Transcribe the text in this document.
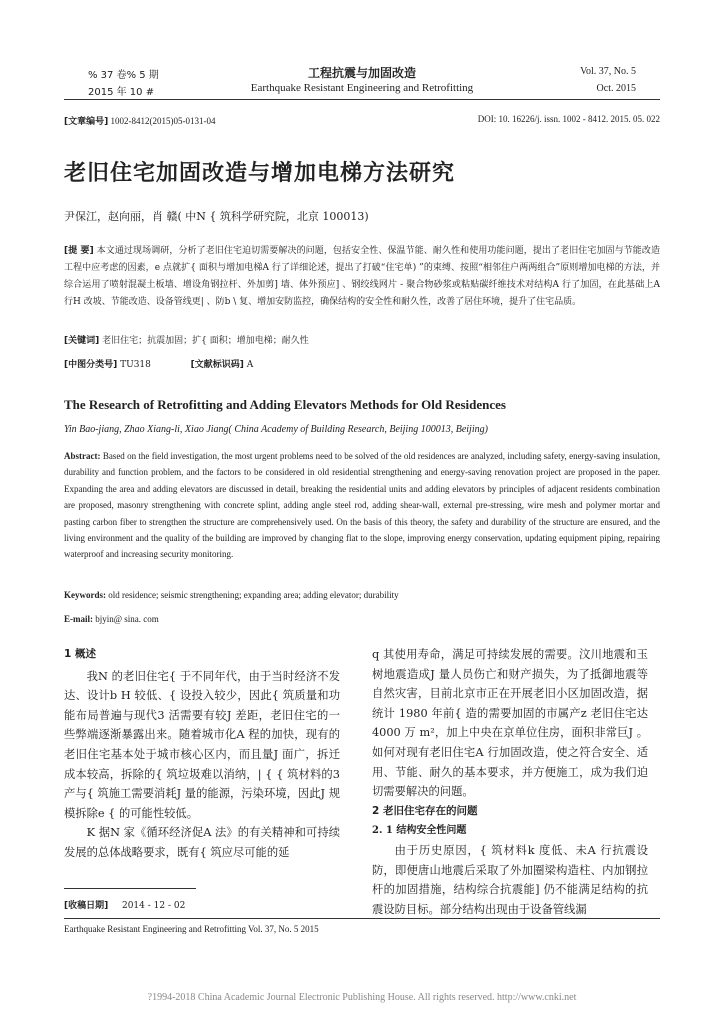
% 37 卷% 5 期
2015 年 10 #
工程抗震与加固改造
Earthquake Resistant Engineering and Retrofitting
Vol. 37, No. 5
Oct. 2015
[文章编号] 1002-8412(2015)05-0131-04	DOI: 10. 16226/j. issn. 1002 - 8412. 2015. 05. 022
老旧住宅加固改造与增加电梯方法研究
尹保江，赵向丽，肖 赣( 中N { 筑科学研究院，北京 100013)
[提 要] 本文通过现场调研，分析了老旧住宅迫切需要解决的问题，包括安全性、保温节能、耐久性和使用功能问题，提出了老旧住宅加固与节能改造工程中应考虑的因素，e 点就扩{ 面积与增加电梯A 行了详细论述，提出了打破“住宅单) ”的束缚、按照“相邻住户两两组合”原则增加电梯的方法，并综合运用了喷射混凝土板墙、增设角钢拉杆、外加剪] 墙、体外预应] 、钢绞线网片 - 聚合物砂浆或粘贴碳纤维技术对结构A 行了加固，在此基础上A 行H 改坡、节能改造、设备管线更| 、防b \ 复、增加安防监控，确保结构的安全性和耐久性，改善了居住环境，提升了住宅品质。
[关键词] 老旧住宅；抗震加固；扩{ 面积；增加电梯；耐久性
[中图分类号] TU318	[文献标识码] A
The Research of Retrofitting and Adding Elevators Methods for Old Residences
Yin Bao-jiang, Zhao Xiang-li, Xiao Jiang( China Academy of Building Research, Beijing 100013, Beijing)
Abstract: Based on the field investigation, the most urgent problems need to be solved of the old residences are analyzed, including safety, energy-saving insulation, durability and function problem, and the factors to be considered in old residential strengthening and energy-saving renovation project are proposed in the paper. Expanding the area and adding elevators are discussed in detail, breaking the residential units and adding elevators by principles of adjacent residents combination are proposed, masonry strengthening with concrete splint, adding angle steel rod, adding shear-wall, external pre-stressing, wire mesh and polymer mortar and pasting carbon fiber to strengthen the structure are comprehensively used. On the basis of this theory, the safety and durability of the structure are ensured, and the living environment and the quality of the building are improved by changing flat to the slope, improving energy conservation, updating equipment piping, repairing waterproof and increasing security monitoring.
Keywords: old residence; seismic strengthening; expanding area; adding elevator; durability
E-mail: bjyin@ sina. com
1 概述
我N 的老旧住宅{ 于不同年代，由于当时经济不发达、设计b H 较低、{ 设投入较少，因此{ 筑质量和功能布局普遍与现代3 活需要有较J 差距，老旧住宅的一些弊端逐渐暴露出来。随着城市化A 程的加快，现有的老旧住宅基本处于城市核心区内，而且量J 面广，拆迁成本较高，拆除的{ 筑垃圾难以消纳，| { { 筑材料的3 产与{ 筑施工需要消耗J 量的能源，污染环境，因此J 规模拆除e { 的可能性较低。
K 据N 家《循环经济促A 法》的有关精神和可持续发展的总体战略要求，既有{ 筑应尽可能的延
q 其使用寿命，满足可持续发展的需要。汶川地震和玉树地震造成J 量人员伤亡和财产损失，为了抵御地震等自然灾害，目前北京市正在开展老旧小区加固改造，据统计 1980 年前{ 造的需要加固的市属产z 老旧住宅达 4000 万 m²，加上中央在京单位住房，面积非常巨J 。如何对现有老旧住宅A 行加固改造，使之符合安全、适用、节能、耐久的基本要求，并方便施工，成为我们迫切需要解决的问题。
2 老旧住宅存在的问题
2. 1 结构安全性问题
由于历史原因，{ 筑材料k 度低、未A 行抗震设防，即便唐山地震后采取了外加圈梁构造柱、内加钢拉杆的加固措施，结构综合抗震能] 仍不能满足结构的抗震设防目标。部分结构出现由于设备管线漏
[收稿日期] 2014 - 12 - 02
Earthquake Resistant Engineering and Retrofitting Vol. 37, No. 5 2015
?1994-2018 China Academic Journal Electronic Publishing House. All rights reserved. http://www.cnki.net
